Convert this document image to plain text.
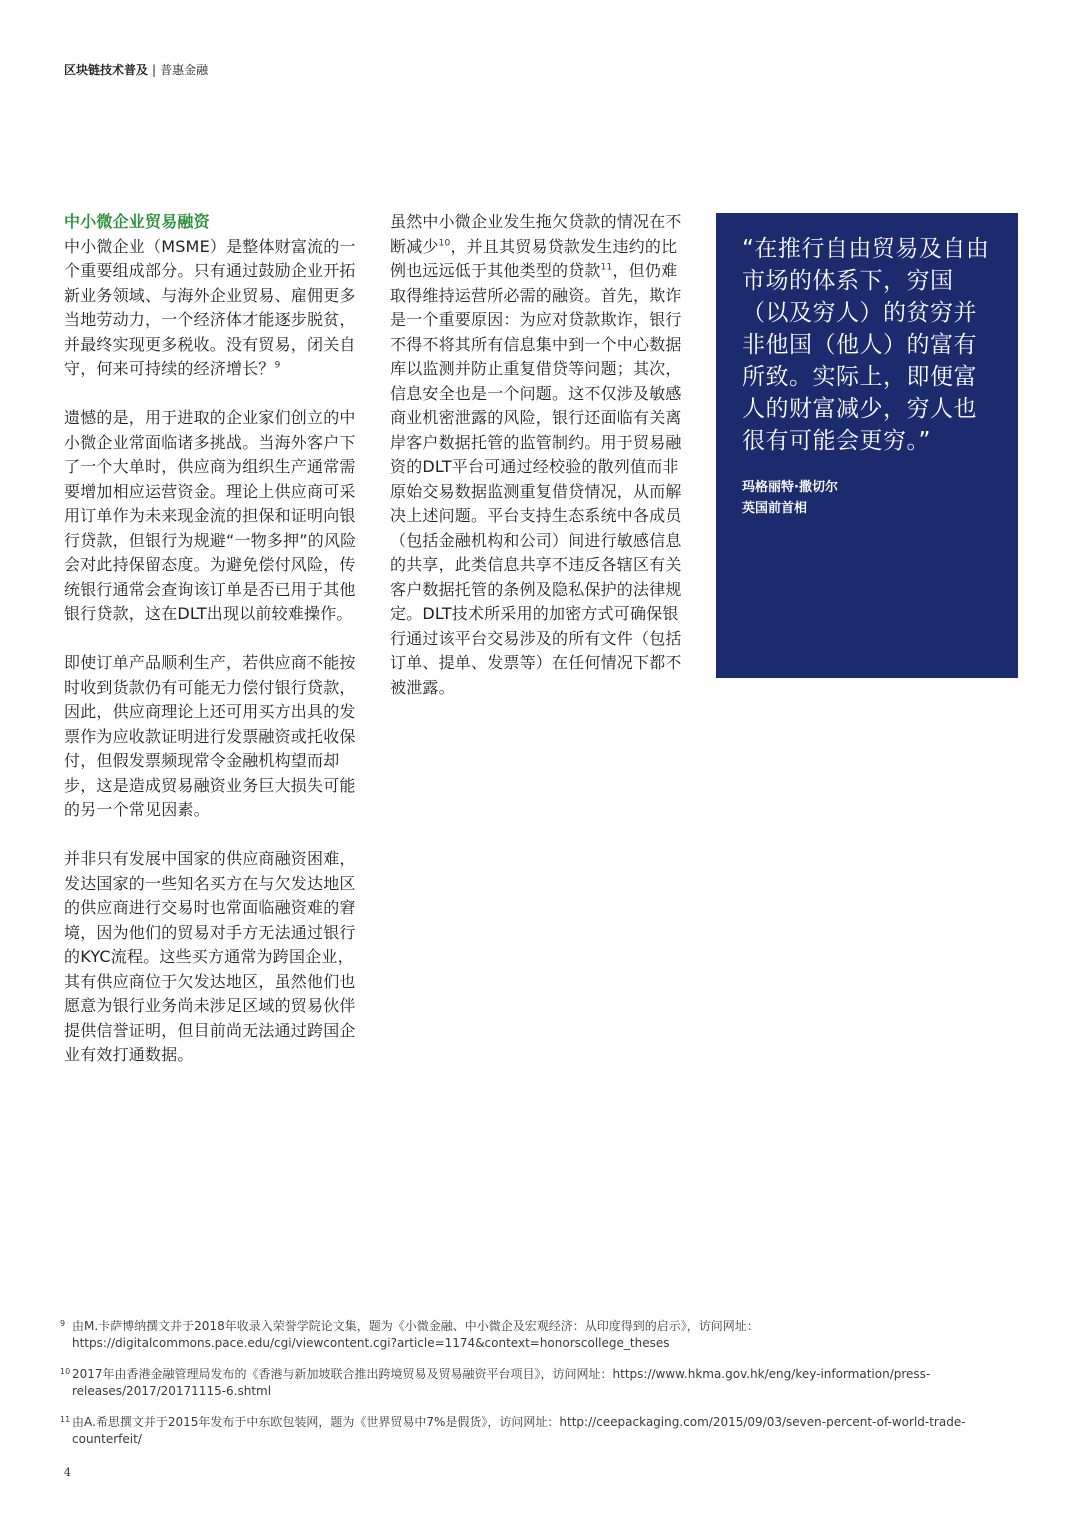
区块链技术普及 | 普惠金融
中小微企业贸易融资

中小微企业（MSME）是整体财富流的一个重要组成部分。只有通过鼓励企业开拓新业务领域、与海外企业贸易、雇佣更多当地劳动力，一个经济体才能逐步脱贫，并最终实现更多税收。没有贸易，闭关自守，何来可持续的经济增长？$^9$

遗憾的是，用于进取的企业家们创立的中小微企业常面临诸多挑战。当海外客户下了一个大单时，供应商为组织生产通常需要增加相应运营资金。理论上供应商可采用订单作为未来现金流的担保和证明向银行贷款，但银行为规避“一物多押”的风险会对此持保留态度。为避免偿付风险，传统银行通常会查询该订单是否已用于其他银行贷款，这在DLT出现以前较难操作。

即使订单产品顺利生产，若供应商不能按时收到货款仍有可能无力偿付银行贷款，因此，供应商理论上还可用买方出具的发票作为应收款证明进行发票融资或托收保付，但假发票频现常令金融机构望而却步，这是造成贸易融资业务巨大损失可能的另一个常见因素。

并非只有发展中国家的供应商融资困难，发达国家的一些知名买方在与欠发达地区的供应商进行交易时也常面临融资难的窘境，因为他们的贸易对手方无法通过银行的KYC流程。这些买方通常为跨国企业，其有供应商位于欠发达地区，虽然他们也愿意为银行业务尚未涉足区域的贸易伙伴提供信誉证明，但目前尚无法通过跨国企业有效打通数据。

虽然中小微企业发生拖欠贷款的情况在不断减少$^{10}$，并且其贸易贷款发生违约的比例也远远低于其他类型的贷款$^{11}$，但仍难取得维持运营所必需的融资。首先，欺诈是一个重要原因：为应对贷款欺诈，银行不得不将其所有信息集中到一个中心数据库以监测并防止重复借贷等问题；其次，信息安全也是一个问题。这不仅涉及敏感商业机密泄露的风险，银行还面临有关离岸客户数据托管的监管制约。用于贸易融资的DLT平台可通过经校验的散列值而非原始交易数据监测重复借贷情况，从而解决上述问题。平台支持生态系统中各成员（包括金融机构和公司）间进行敏感信息的共享，此类信息共享不违反各辖区有关客户数据托管的条例及隐私保护的法律规定。DLT技术所采用的加密方式可确保银行通过该平台交易涉及的所有文件（包括订单、提单、发票等）在任何情况下都不被泄露。

“在推行自由贸易及自由市场的体系下，穷国（以及穷人）的贫穷并非他国（他人）的富有所致。实际上，即便富人的财富减少，穷人也很有可能会更穷。”
玛格丽特·撒切尔
英国前首相
9 由M.卡萨博纳撰文并于2018年收录入荣誉学院论文集，题为《小微金融、中小微企及宏观经济：从印度得到的启示》，访问网址：https://digitalcommons.pace.edu/cgi/viewcontent.cgi?article=1174&context=honorscollege_theses
10 2017年由香港金融管理局发布的《香港与新加坡联合推出跨境贸易及贸易融资平台项目》，访问网址：https://www.hkma.gov.hk/eng/key-information/press-releases/2017/20171115-6.shtml
11 由A.希思撰文并于2015年发布于中东欧包装网，题为《世界贸易中7%是假货》，访问网址：http://ceepackaging.com/2015/09/03/seven-percent-of-world-trade-counterfeit/
4
